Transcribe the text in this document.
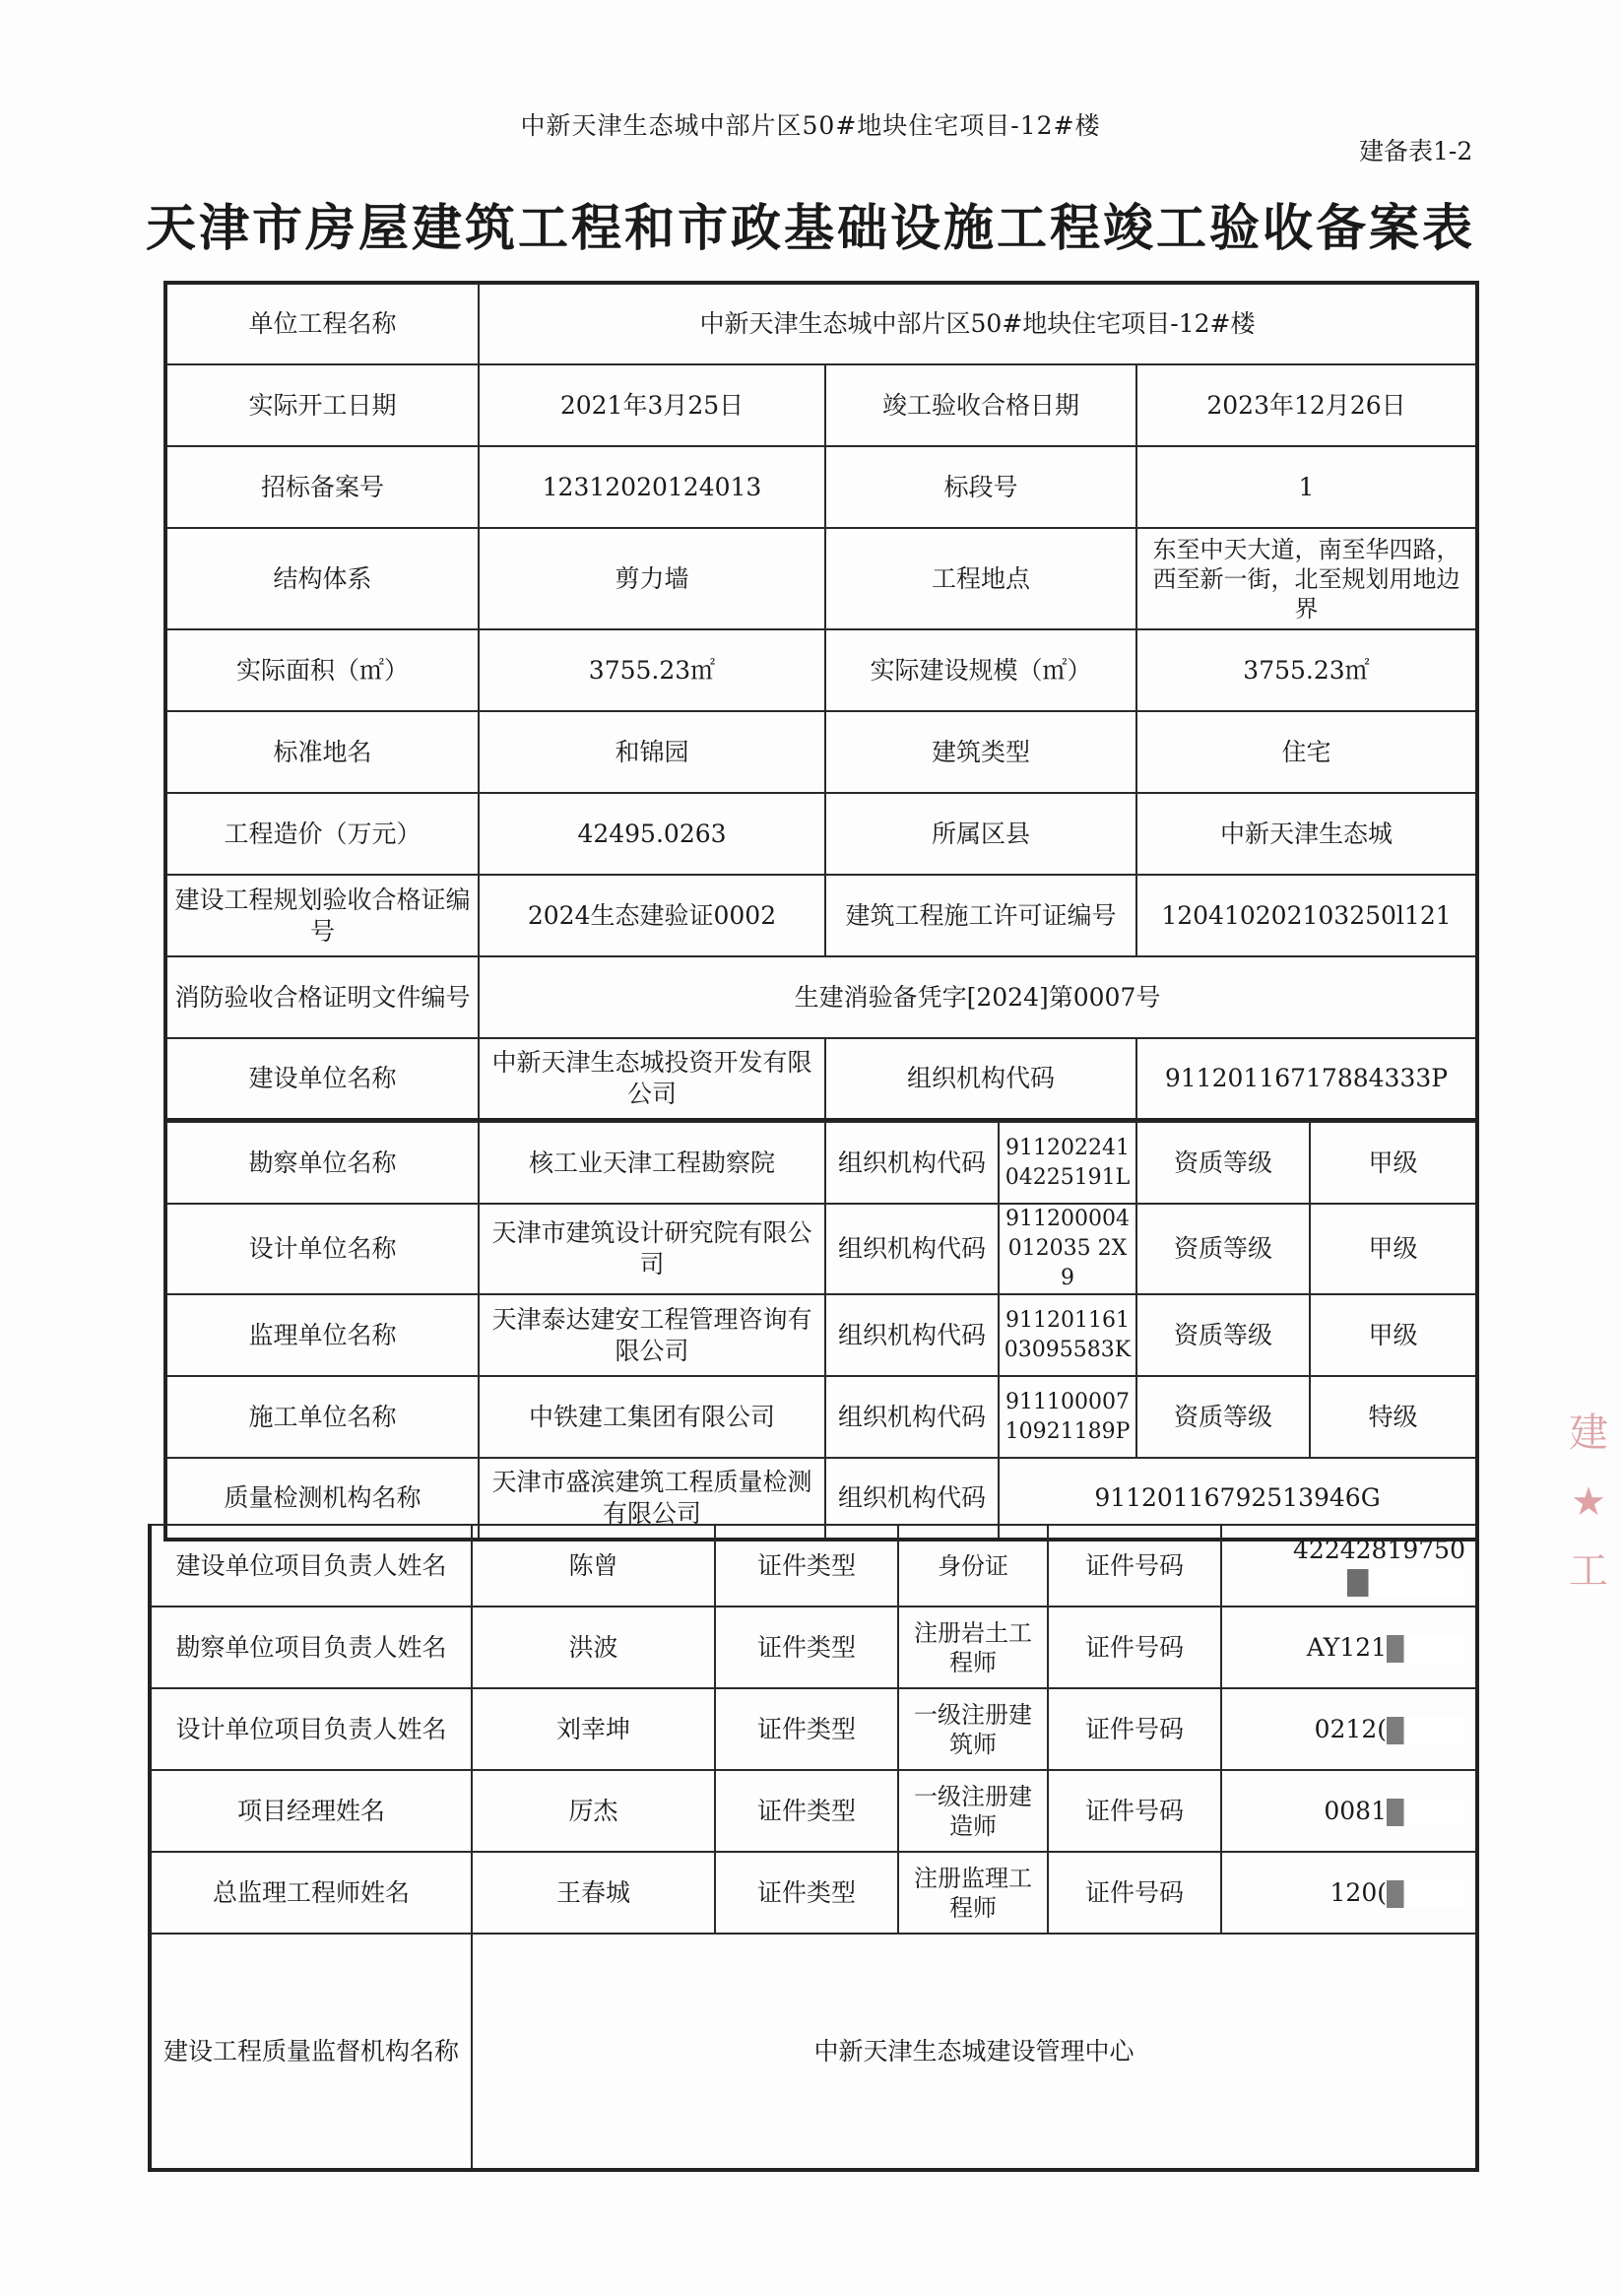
中新天津生态城中部片区50#地块住宅项目-12#楼
建备表1-2
天津市房屋建筑工程和市政基础设施工程竣工验收备案表
单位工程名称	中新天津生态城中部片区50#地块住宅项目-12#楼		
实际开工日期	2021年3月25日	竣工验收合格日期	2023年12月26日
招标备案号	12312020124013	标段号	1
结构体系	剪力墙	工程地点	东至中天大道，南至华四路，西至新一街，北至规划用地边界
实际面积（㎡）	3755.23㎡	实际建设规模（㎡）	3755.23㎡
标准地名	和锦园	建筑类型	住宅
工程造价（万元）	42495.0263	所属区县	中新天津生态城
建设工程规划验收合格证编号	2024生态建验证0002	建筑工程施工许可证编号	120410202103250l121
消防验收合格证明文件编号	生建消验备凭字[2024]第0007号		
建设单位名称	中新天津生态城投资开发有限公司	组织机构代码	91120116717884333P
勘察单位名称	核工业天津工程勘察院	组织机构代码	91120224104225191L	资质等级	甲级
设计单位名称	天津市建筑设计研究院有限公司	组织机构代码	911200004012035 2X9	资质等级	甲级
监理单位名称	天津泰达建安工程管理咨询有限公司	组织机构代码	91120116103095583K	资质等级	甲级
施工单位名称	中铁建工集团有限公司	组织机构代码	91110000710921189P	资质等级	特级
质量检测机构名称	天津市盛滨建筑工程质量检测有限公司	组织机构代码	91120116792513946G		
建设单位项目负责人姓名	陈曾	证件类型	身份证	证件号码	42242819750
勘察单位项目负责人姓名	洪波	证件类型	注册岩土工程师	证件号码	AY121
设计单位项目负责人姓名	刘幸坤	证件类型	一级注册建筑师	证件号码	0212(
项目经理姓名	厉杰	证件类型	一级注册建造师	证件号码	0081
总监理工程师姓名	王春城	证件类型	注册监理工程师	证件号码	120(
建设工程质量监督机构名称	中新天津生态城建设管理中心				
建
★
工
